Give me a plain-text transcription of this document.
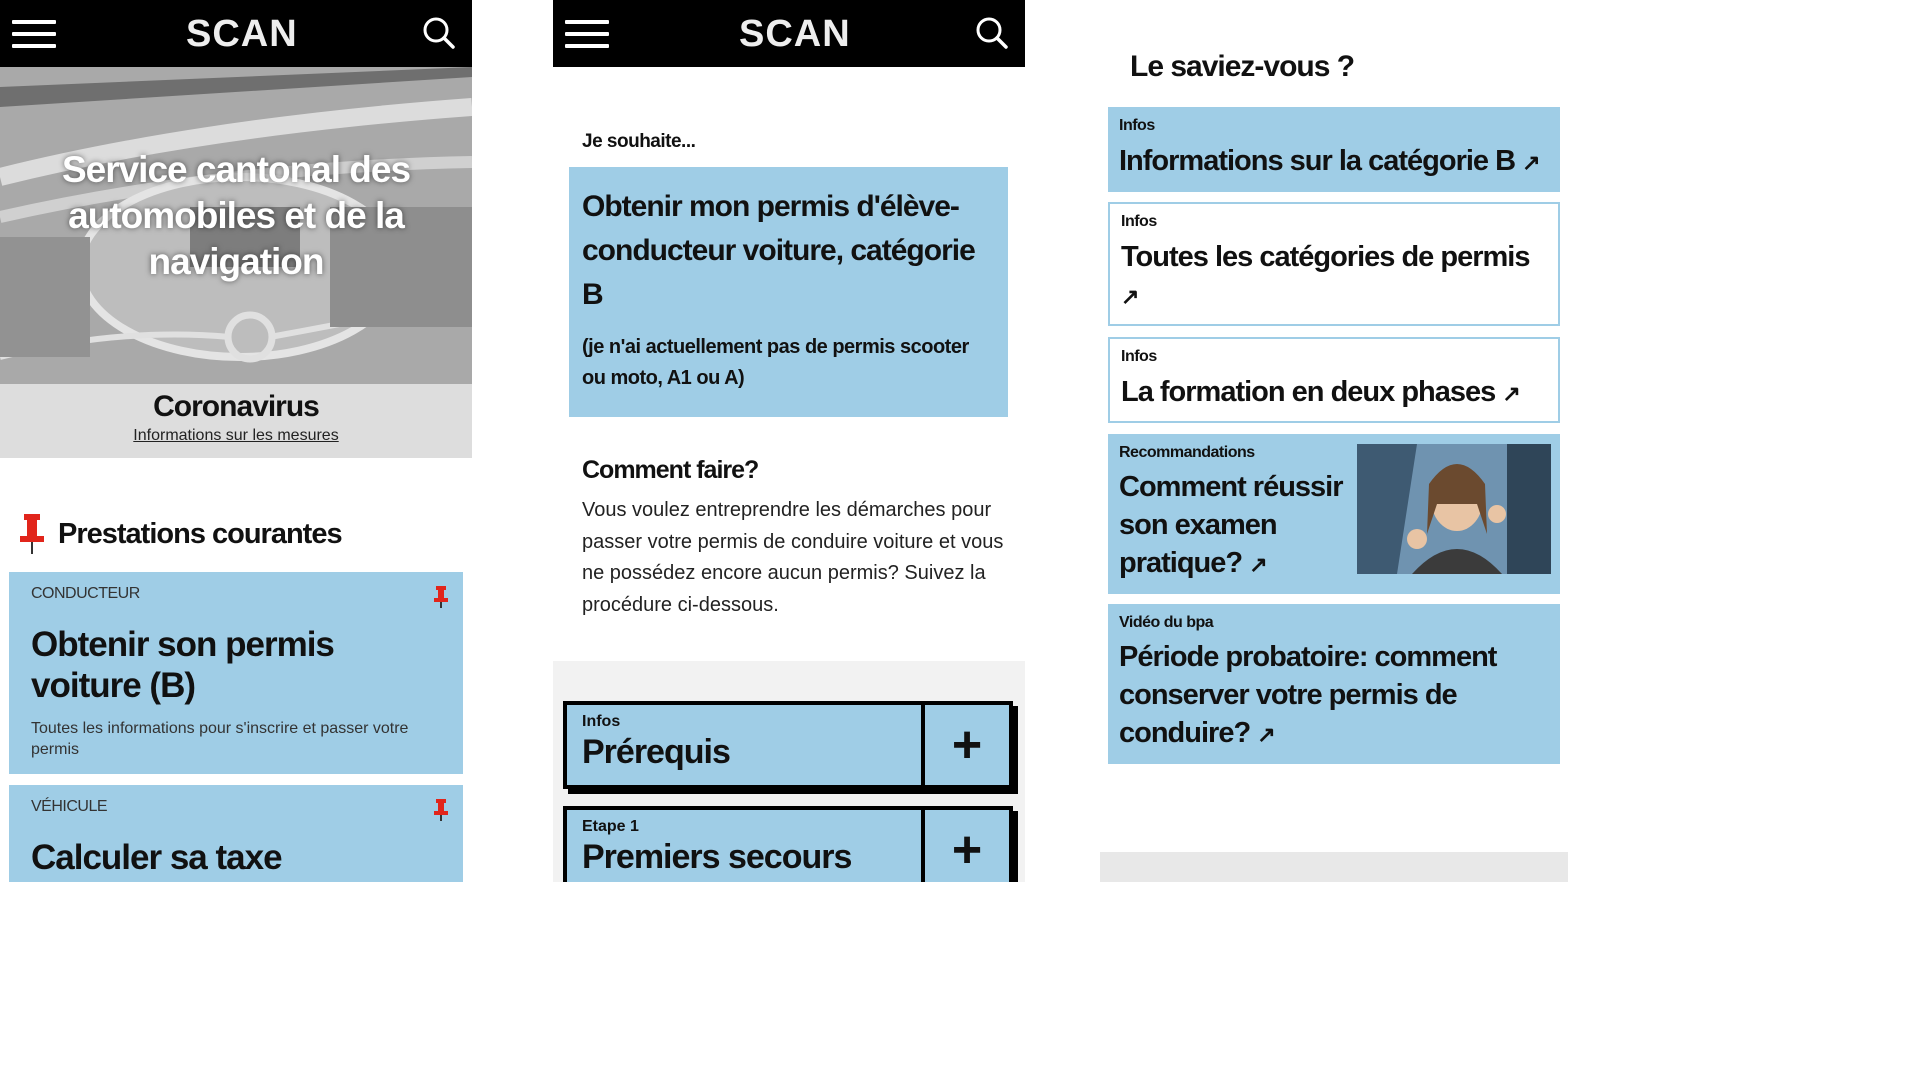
SCAN
Service cantonal des automobiles et de la navigation
Coronavirus
Informations sur les mesures
Prestations courantes
CONDUCTEUR
Obtenir son permis voiture (B)
Toutes les informations pour s'inscrire et passer votre permis
VÉHICULE
Calculer sa taxe
SCAN
Je souhaite...
Obtenir mon permis d'élève-conducteur voiture, catégorie B
(je n'ai actuellement pas de permis scooter ou moto, A1 ou A)
Comment faire?
Vous voulez entreprendre les démarches pour passer votre permis de conduire voiture et vous ne possédez encore aucun permis? Suivez la procédure ci-dessous.
Infos
Prérequis	+
Etape 1
Premiers secours	+
Le saviez-vous ?
Infos
Informations sur la catégorie B ↗
Infos
Toutes les catégories de permis ↗
Infos
La formation en deux phases ↗
Recommandations
Comment réussir son examen pratique? ↗
Vidéo du bpa
Période probatoire: comment conserver votre permis de conduire? ↗
